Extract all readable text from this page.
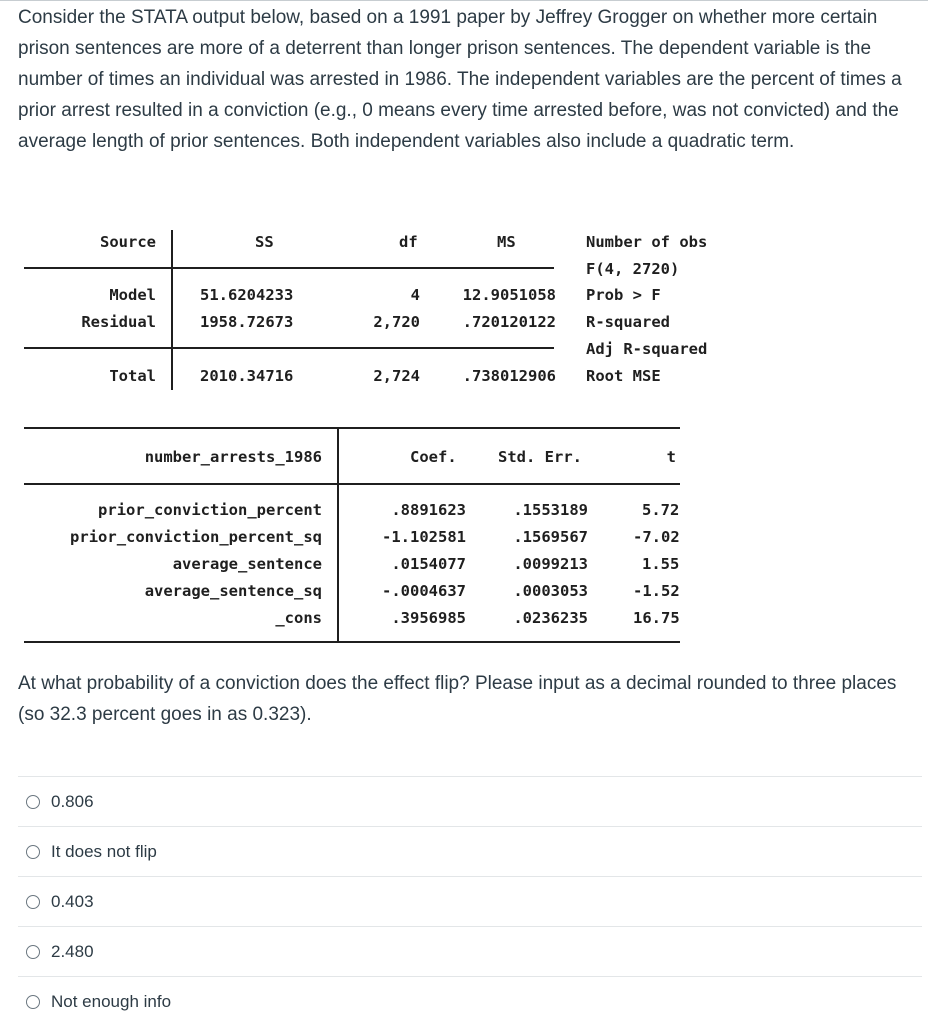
Consider the STATA output below, based on a 1991 paper by Jeffrey Grogger on whether more certain prison sentences are more of a deterrent than longer prison sentences. The dependent variable is the number of times an individual was arrested in 1986. The independent variables are the percent of times a prior arrest resulted in a conviction (e.g., 0 means every time arrested before, was not convicted) and the average length of prior sentences. Both independent variables also include a quadratic term.

Source	SS	df	MS
Model	51.6204233	4	12.9051058
Residual	1958.72673	2,720	.720120122
Total	2010.34716	2,724	.738012906
Number of obs
F(4, 2720)
Prob > F
R-squared
Adj R-squared
Root MSE
number_arrests_1986	Coef.	Std. Err.	t
prior_conviction_percent	.8891623	.1553189	5.72
prior_conviction_percent_sq	-1.102581	.1569567	-7.02
average_sentence	.0154077	.0099213	1.55
average_sentence_sq	-.0004637	.0003053	-1.52
_cons	.3956985	.0236235	16.75

At what probability of a conviction does the effect flip? Please input as a decimal rounded to three places (so 32.3 percent goes in as 0.323).

0.806
It does not flip
0.403
2.480
Not enough info
